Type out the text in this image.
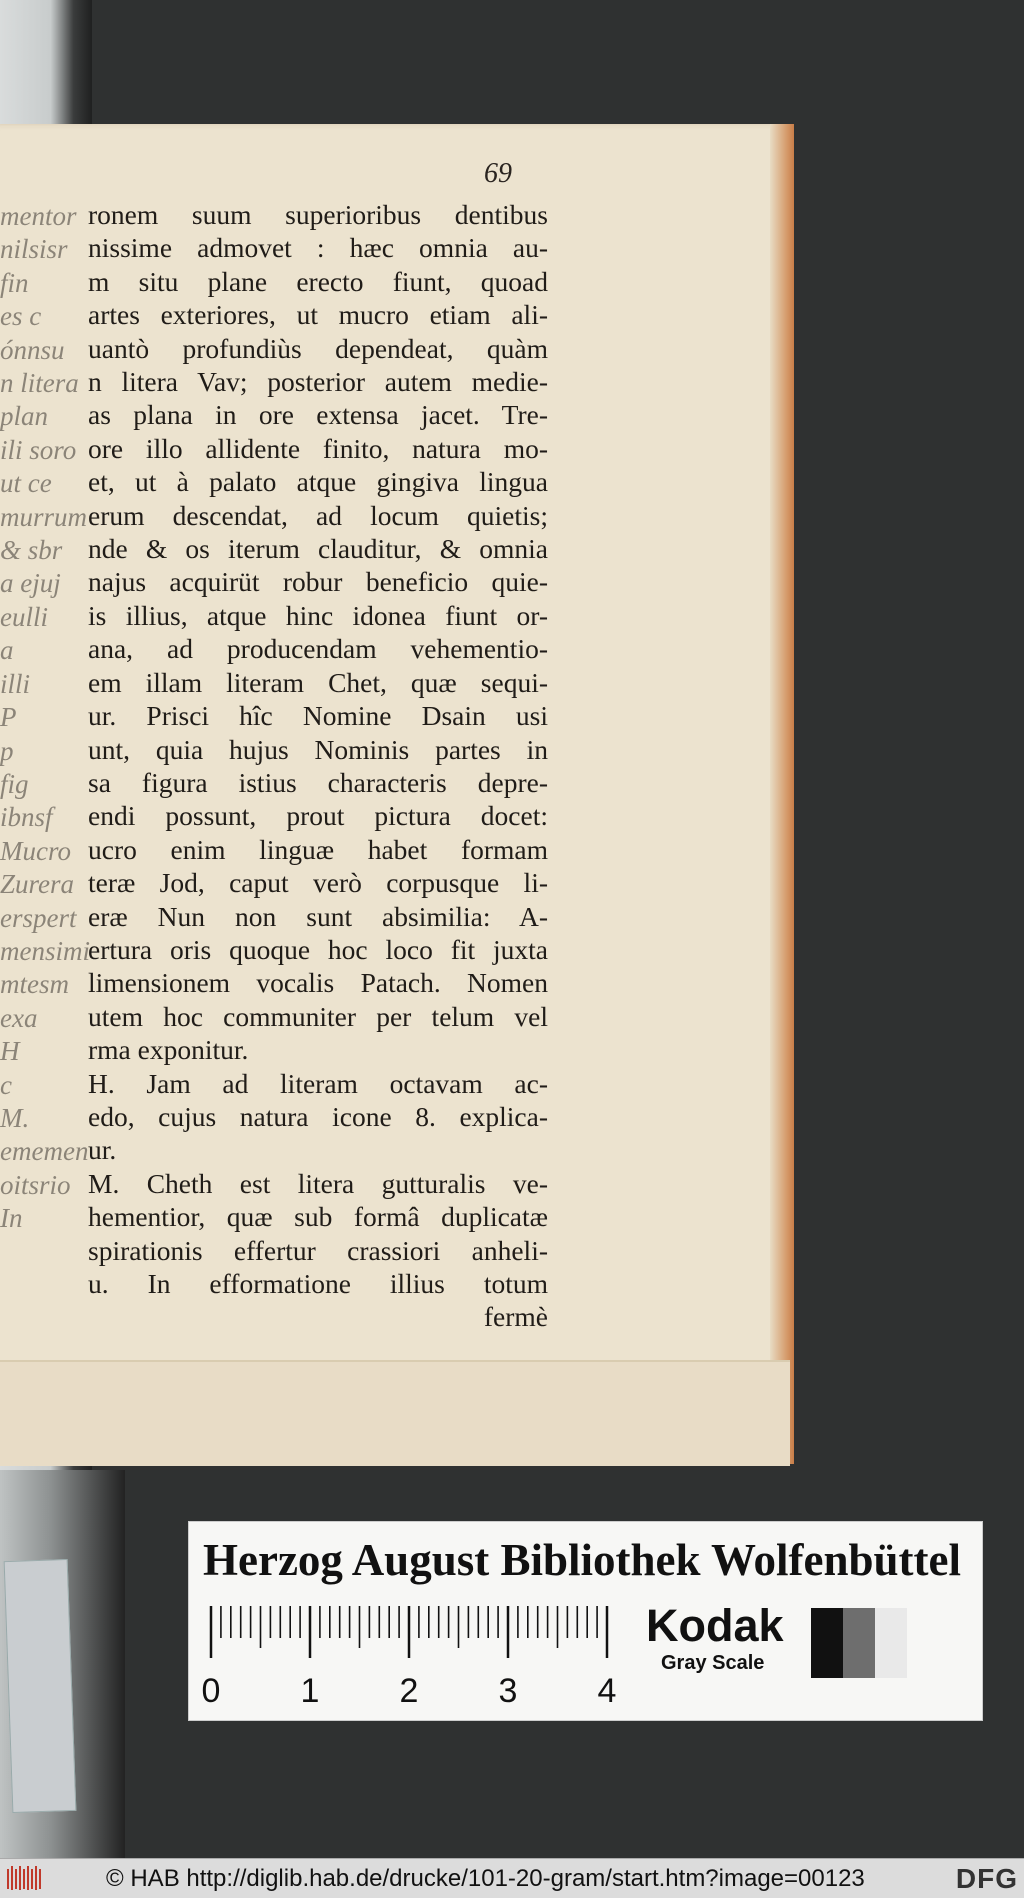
mentor
nilsisr
fin
es c
ónnsu
n litera
plan
ili soro
ut ce
murrum
& sbr
a ejuj
eulli
a
illi
P
p
fig
ibnsf
Mucro
Zurera
erspert
mensimi
mtesm
exa
H
c
M.
ememen
oitsrio
In
69
ronem suum superioribus dentibus
nissime admovet : hæc omnia au-
m situ plane erecto fiunt, quoad
artes exteriores, ut mucro etiam ali-
uantò profundiùs dependeat, quàm
n litera Vav; posterior autem medie-
as plana in ore extensa jacet. Tre-
ore illo allidente finito, natura mo-
et, ut à palato atque gingiva lingua
erum descendat, ad locum quietis;
nde & os iterum clauditur, & omnia
najus acquirüt robur beneficio quie-
is illius, atque hinc idonea fiunt or-
ana, ad producendam vehementio-
em illam literam Chet, quæ sequi-
ur. Prisci hîc Nomine Dsain usi
unt, quia hujus Nominis partes in
sa figura istius characteris depre-
endi possunt, prout pictura docet:
ucro enim linguæ habet formam
teræ Jod, caput verò corpusque li-
eræ Nun non sunt absimilia: A-
ertura oris quoque hoc loco fit juxta
limensionem vocalis Patach. Nomen
utem hoc communiter per telum vel
rma exponitur.
H. Jam ad literam octavam ac-
edo, cujus natura icone 8. explica-
ur.
M. Cheth est litera gutturalis ve-
hementior, quæ sub formâ duplicatæ
spirationis effertur crassiori anheli-
u. In efformatione illius totum
fermè
Herzog August Bibliothek Wolfenbüttel
0 1 2 3 4
Kodak
Gray Scale
© HAB http://diglib.hab.de/drucke/101-20-gram/start.htm?image=00123	DFG
